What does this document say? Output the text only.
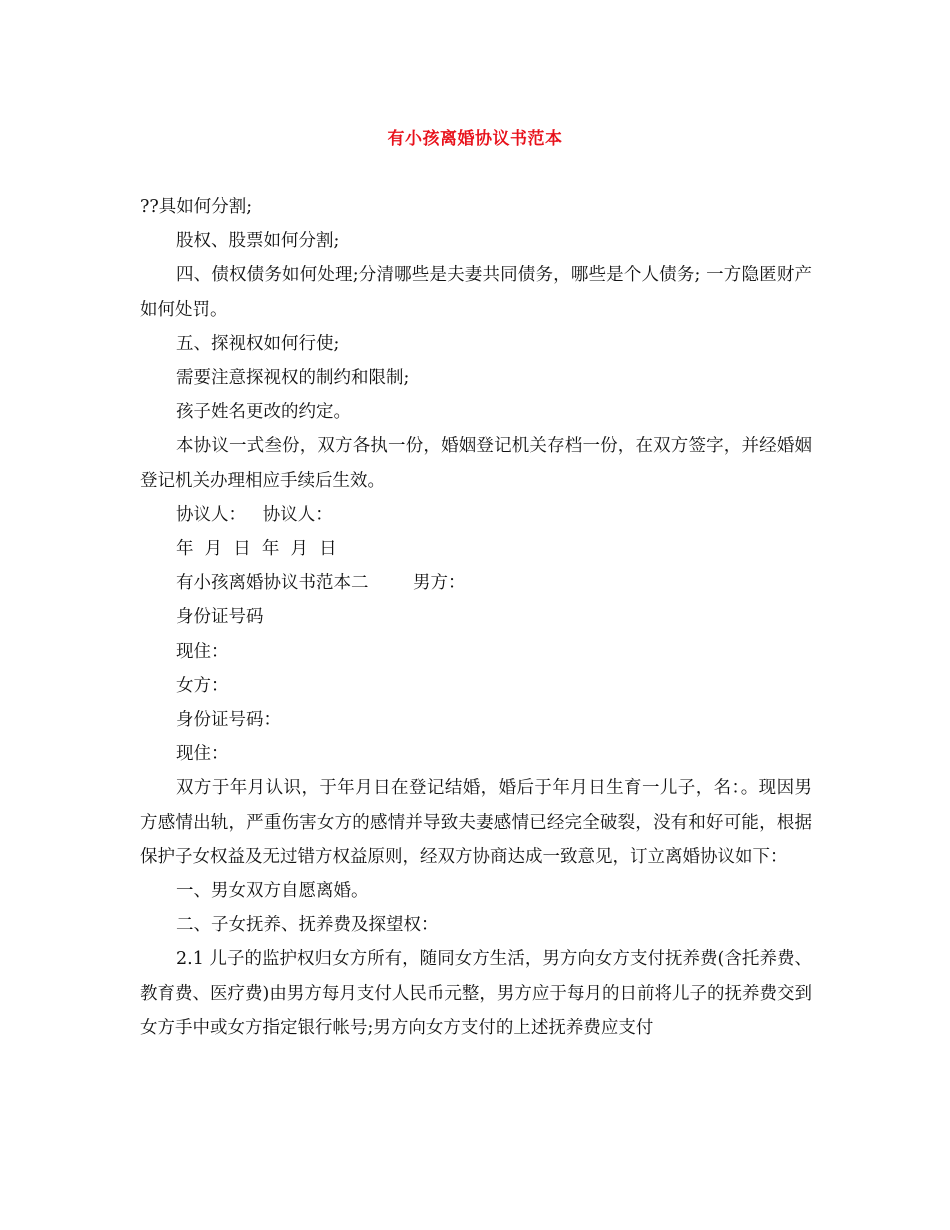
有小孩离婚协议书范本

??具如何分割;

股权、股票如何分割;

四、债权债务如何处理;分清哪些是夫妻共同债务，哪些是个人债务; 一方隐匿财产如何处罚。

五、探视权如何行使;

需要注意探视权的制约和限制;

孩子姓名更改的约定。

本协议一式叁份，双方各执一份，婚姻登记机关存档一份，在双方签字，并经婚姻登记机关办理相应手续后生效。

协议人：   协议人：

年  月  日  年  月  日

有小孩离婚协议书范本二        男方：

身份证号码

现住：

女方：

身份证号码：

现住：

双方于年月认识，于年月日在登记结婚，婚后于年月日生育一儿子，名：。现因男方感情出轨，严重伤害女方的感情并导致夫妻感情已经完全破裂，没有和好可能，根据保护子女权益及无过错方权益原则，经双方协商达成一致意见，订立离婚协议如下：

一、男女双方自愿离婚。

二、子女抚养、抚养费及探望权：

2.1 儿子的监护权归女方所有，随同女方生活，男方向女方支付抚养费(含托养费、教育费、医疗费)由男方每月支付人民币元整，男方应于每月的日前将儿子的抚养费交到女方手中或女方指定银行帐号;男方向女方支付的上述抚养费应支付
